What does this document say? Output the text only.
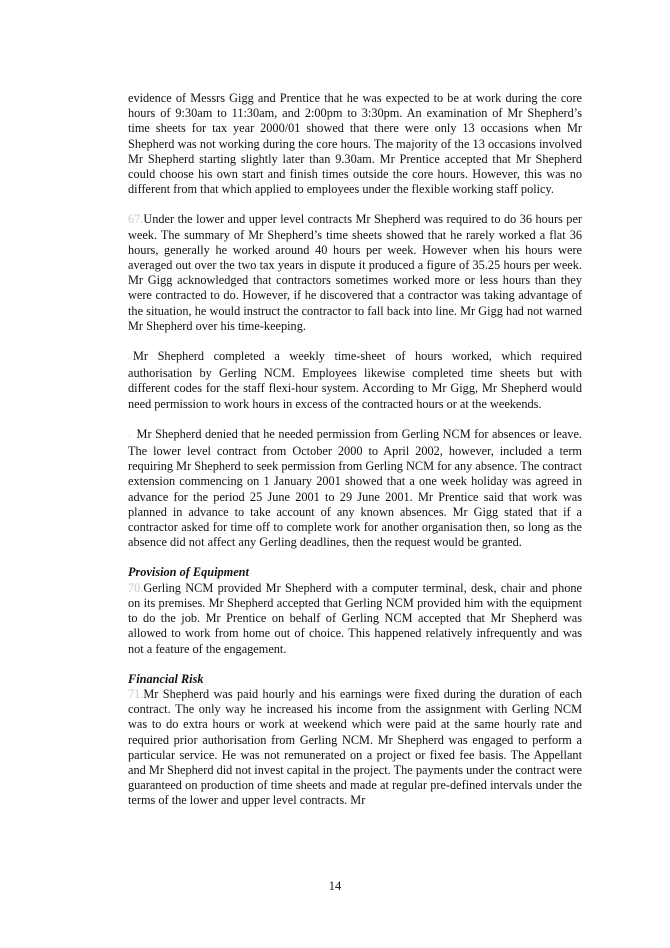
evidence of Messrs Gigg and Prentice that he was expected to be at work during the core hours of 9:30am to 11:30am, and 2:00pm to 3:30pm. An examination of Mr Shepherd’s time sheets for tax year 2000/01 showed that there were only 13 occasions when Mr Shepherd was not working during the core hours. The majority of the 13 occasions involved Mr Shepherd starting slightly later than 9.30am. Mr Prentice accepted that Mr Shepherd could choose his own start and finish times outside the core hours. However, this was no different from that which applied to employees under the flexible working staff policy.

67.Under the lower and upper level contracts Mr Shepherd was required to do 36 hours per week. The summary of Mr Shepherd’s time sheets showed that he rarely worked a flat 36 hours, generally he worked around 40 hours per week. However when his hours were averaged out over the two tax years in dispute it produced a figure of 35.25 hours per week. Mr Gigg acknowledged that contractors sometimes worked more or less hours than they were contracted to do. However, if he discovered that a contractor was taking advantage of the situation, he would instruct the contractor to fall back into line. Mr Gigg had not warned Mr Shepherd over his time-keeping.

68.Mr Shepherd completed a weekly time-sheet of hours worked, which required authorisation by Gerling NCM. Employees likewise completed time sheets but with different codes for the staff flexi-hour system. According to Mr Gigg, Mr Shepherd would need permission to work hours in excess of the contracted hours or at the weekends.

69. Mr Shepherd denied that he needed permission from Gerling NCM for absences or leave. The lower level contract from October 2000 to April 2002, however, included a term requiring Mr Shepherd to seek permission from Gerling NCM for any absence. The contract extension commencing on 1 January 2001 showed that a one week holiday was agreed in advance for the period 25 June 2001 to 29 June 2001. Mr Prentice said that work was planned in advance to take account of any known absences. Mr Gigg stated that if a contractor asked for time off to complete work for another organisation then, so long as the absence did not affect any Gerling deadlines, then the request would be granted.

Provision of Equipment

70.Gerling NCM provided Mr Shepherd with a computer terminal, desk, chair and phone on its premises. Mr Shepherd accepted that Gerling NCM provided him with the equipment to do the job. Mr Prentice on behalf of Gerling NCM accepted that Mr Shepherd was allowed to work from home out of choice. This happened relatively infrequently and was not a feature of the engagement.

Financial Risk

71.Mr Shepherd was paid hourly and his earnings were fixed during the duration of each contract. The only way he increased his income from the assignment with Gerling NCM was to do extra hours or work at weekend which were paid at the same hourly rate and required prior authorisation from Gerling NCM. Mr Shepherd was engaged to perform a particular service. He was not remunerated on a project or fixed fee basis. The Appellant and Mr Shepherd did not invest capital in the project. The payments under the contract were guaranteed on production of time sheets and made at regular pre-defined intervals under the terms of the lower and upper level contracts. Mr

14
